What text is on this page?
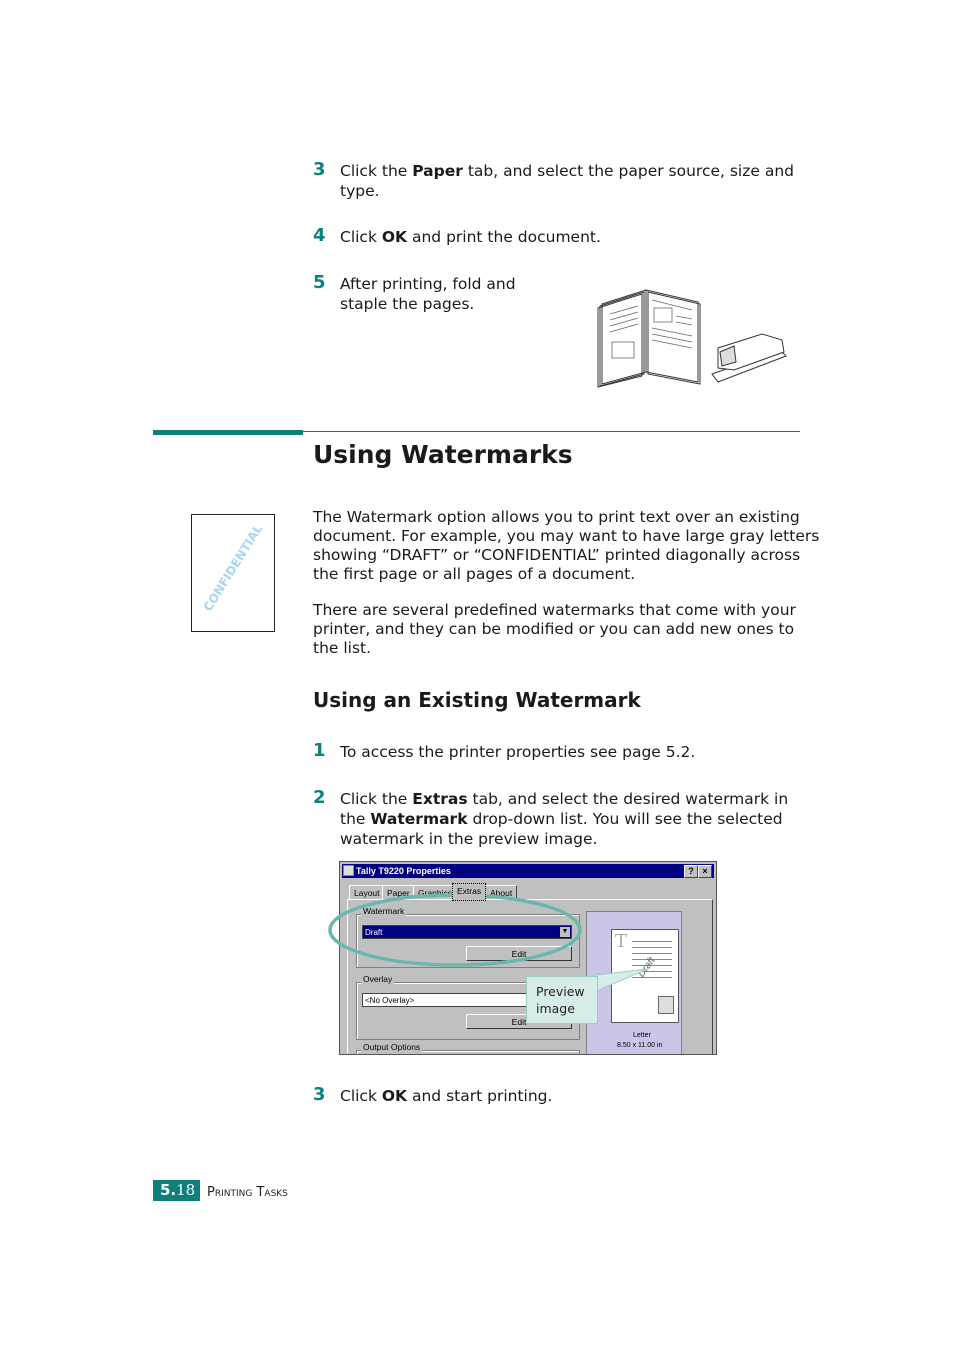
3 Click the Paper tab, and select the paper source, size and
type.
4 Click OK and print the document.
5 After printing, fold and
staple the pages.
Using Watermarks
CONFIDENTIAL
The Watermark option allows you to print text over an existing
document. For example, you may want to have large gray letters
showing “DRAFT” or “CONFIDENTIAL” printed diagonally across
the first page or all pages of a document.
There are several predefined watermarks that come with your
printer, and they can be modified or you can add new ones to
the list.
Using an Existing Watermark
1 To access the printer properties see page 5.2.
2 Click the Extras tab, and select the desired watermark in
the Watermark drop-down list. You will see the selected
watermark in the preview image.
Tally T9220 Properties	? ×
Layout Paper Graphics Extras	About
Watermark
Draft	▼
Edit
Overlay
<No Overlay>
Edit
Output Options
T
Draft
Letter
8.50 x 11.00 in
Preview
image
3 Click OK and start printing.
5.18 Printing Tasks
